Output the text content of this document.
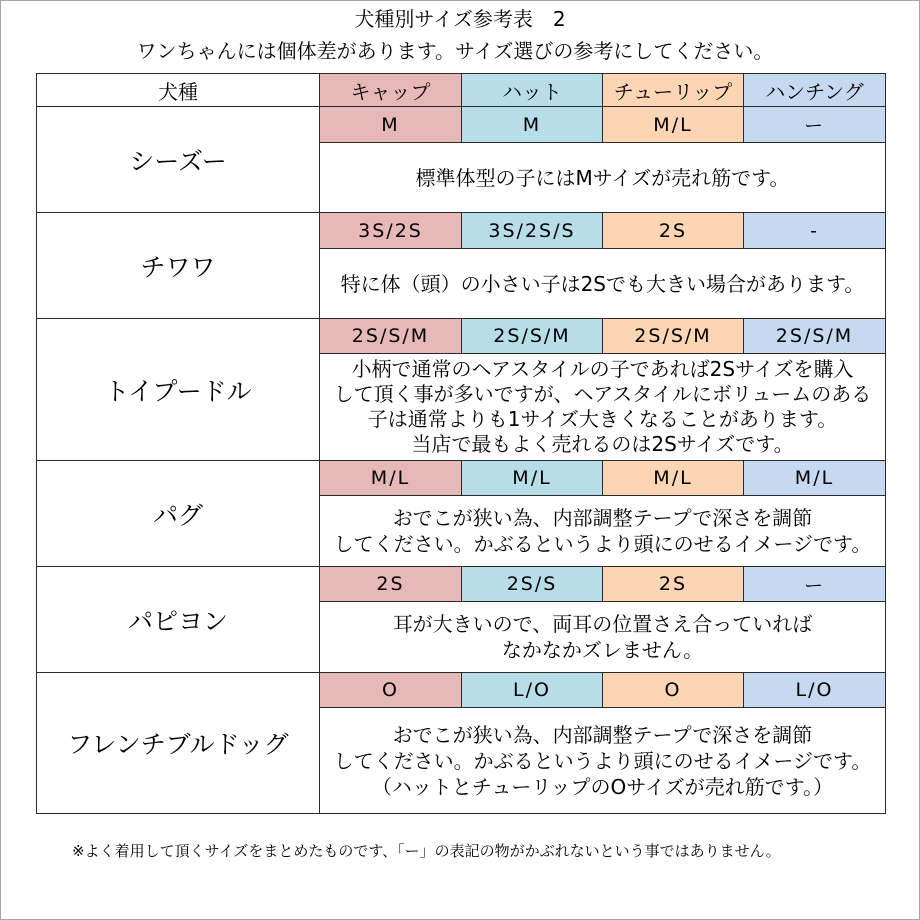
犬種別サイズ参考表　2
ワンちゃんには個体差があります。サイズ選びの参考にしてください。
犬種	キャップ	ハット	チューリップ	ハンチング
シーズー	M	M	M/L	ー

	標準体型の子にはMサイズが売れ筋です。			

チワワ	3S/2S	3S/2S/S	2S	-

	特に体（頭）の小さい子は2Sでも大きい場合があります。			

トイプードル	2S/S/M	2S/S/M	2S/S/M	2S/S/M

	小柄で通常のヘアスタイルの子であれば2Sサイズを購入
して頂く事が多いですが、ヘアスタイルにボリュームのある
子は通常よりも1サイズ大きくなることがあります。
当店で最もよく売れるのは2Sサイズです。			

パグ	M/L	M/L	M/L	M/L

	おでこが狭い為、内部調整テープで深さを調節
してください。かぶるというより頭にのせるイメージです。			

パピヨン	2S	2S/S	2S	ー

	耳が大きいので、両耳の位置さえ合っていれば
なかなかズレません。			

フレンチブルドッグ	O	L/O	O	L/O

	おでこが狭い為、内部調整テープで深さを調節
してください。かぶるというより頭にのせるイメージです。
（ハットとチューリップのOサイズが売れ筋です。）			
※よく着用して頂くサイズをまとめたものです、「ー」の表記の物がかぶれないという事ではありません。
